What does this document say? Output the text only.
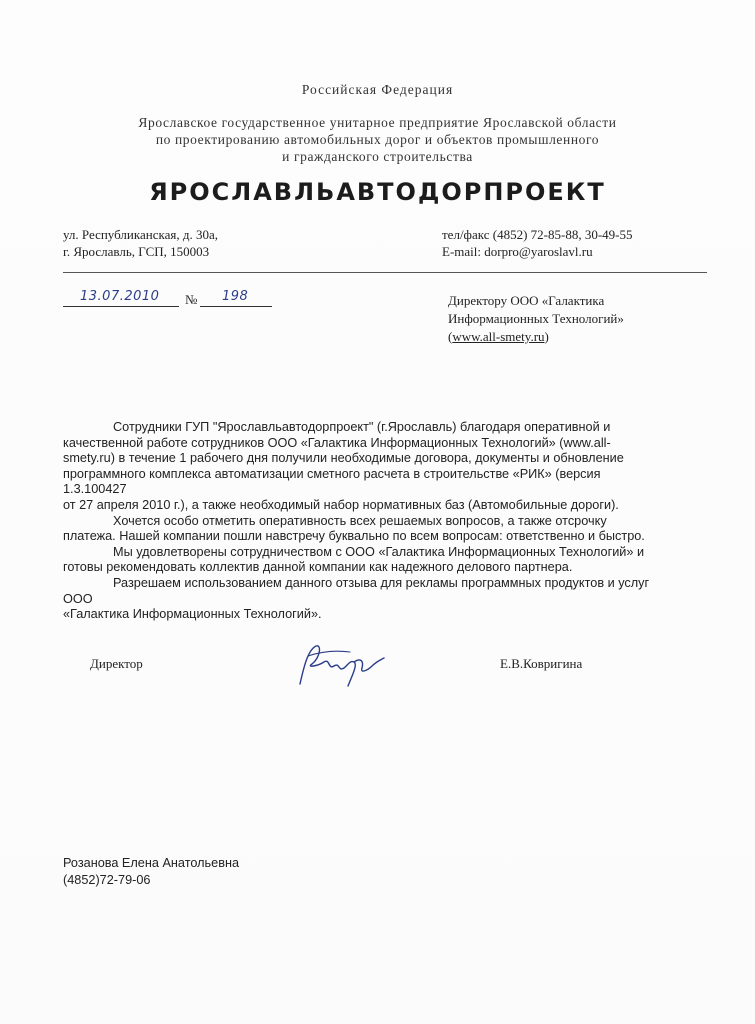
Российская Федерация
Ярославское государственное унитарное предприятие Ярославской области
по проектированию автомобильных дорог и объектов промышленного
и гражданского строительства
ЯРОСЛАВЛЬАВТОДОРПРОЕКТ
ул. Республиканская, д. 30а,
г. Ярославль, ГСП, 150003
тел/факс (4852) 72-85-88, 30-49-55
E-mail: dorpro@yaroslavl.ru
13.07.2010 № 198	Директору ООО «Галактика
Информационных Технологий»
(www.all-smety.ru)

Сотрудники ГУП "Ярославльавтодорпроект" (г.Ярославль) благодаря оперативной и

качественной работе сотрудников ООО «Галактика Информационных Технологий» (www.all-

smety.ru) в течение 1 рабочего дня получили необходимые договора, документы и обновление

программного комплекса автоматизации сметного расчета в строительстве «РИК» (версия 1.3.100427

от 27 апреля 2010 г.), а также необходимый набор нормативных баз (Автомобильные дороги).

Хочется особо отметить оперативность всех решаемых вопросов, а также отсрочку

платежа. Нашей компании пошли навстречу буквально по всем вопросам: ответственно и быстро.

Мы удовлетворены сотрудничеством с ООО «Галактика Информационных Технологий» и

готовы рекомендовать коллектив данной компании как надежного делового партнера.

Разрешаем использованием данного отзыва для рекламы программных продуктов и услуг ООО

«Галактика Информационных Технологий».

Директор	Е.В.Ковригина
Розанова Елена Анатольевна
(4852)72-79-06
